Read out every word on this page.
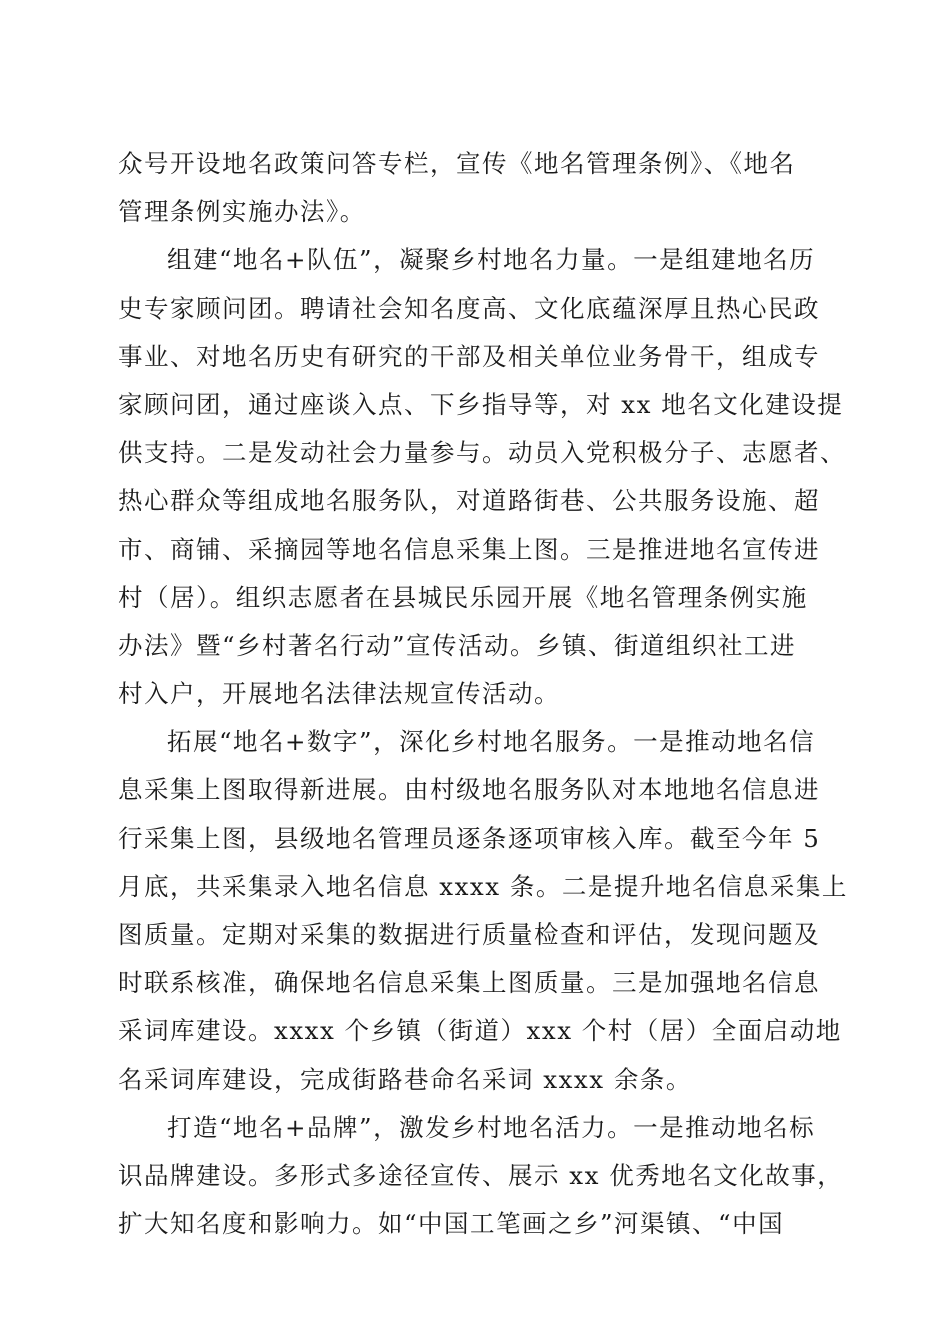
众号开设地名政策问答专栏，宣传《地名管理条例》、《地名
管理条例实施办法》。
组建“地名+队伍”，凝聚乡村地名力量。一是组建地名历
史专家顾问团。聘请社会知名度高、文化底蕴深厚且热心民政
事业、对地名历史有研究的干部及相关单位业务骨干，组成专
家顾问团，通过座谈入点、下乡指导等，对 xx 地名文化建设提
供支持。二是发动社会力量参与。动员入党积极分子、志愿者、
热心群众等组成地名服务队，对道路街巷、公共服务设施、超
市、商铺、采摘园等地名信息采集上图。三是推进地名宣传进
村（居）。组织志愿者在县城民乐园开展《地名管理条例实施
办法》暨“乡村著名行动”宣传活动。乡镇、街道组织社工进
村入户，开展地名法律法规宣传活动。
拓展“地名+数字”，深化乡村地名服务。一是推动地名信
息采集上图取得新进展。由村级地名服务队对本地地名信息进
行采集上图，县级地名管理员逐条逐项审核入库。截至今年 5
月底，共采集录入地名信息 xxxx 条。二是提升地名信息采集上
图质量。定期对采集的数据进行质量检查和评估，发现问题及
时联系核准，确保地名信息采集上图质量。三是加强地名信息
采词库建设。xxxx 个乡镇（街道）xxx 个村（居）全面启动地
名采词库建设，完成街路巷命名采词 xxxx 余条。
打造“地名+品牌”，激发乡村地名活力。一是推动地名标
识品牌建设。多形式多途径宣传、展示 xx 优秀地名文化故事，
扩大知名度和影响力。如“中国工笔画之乡”河渠镇、“中国
